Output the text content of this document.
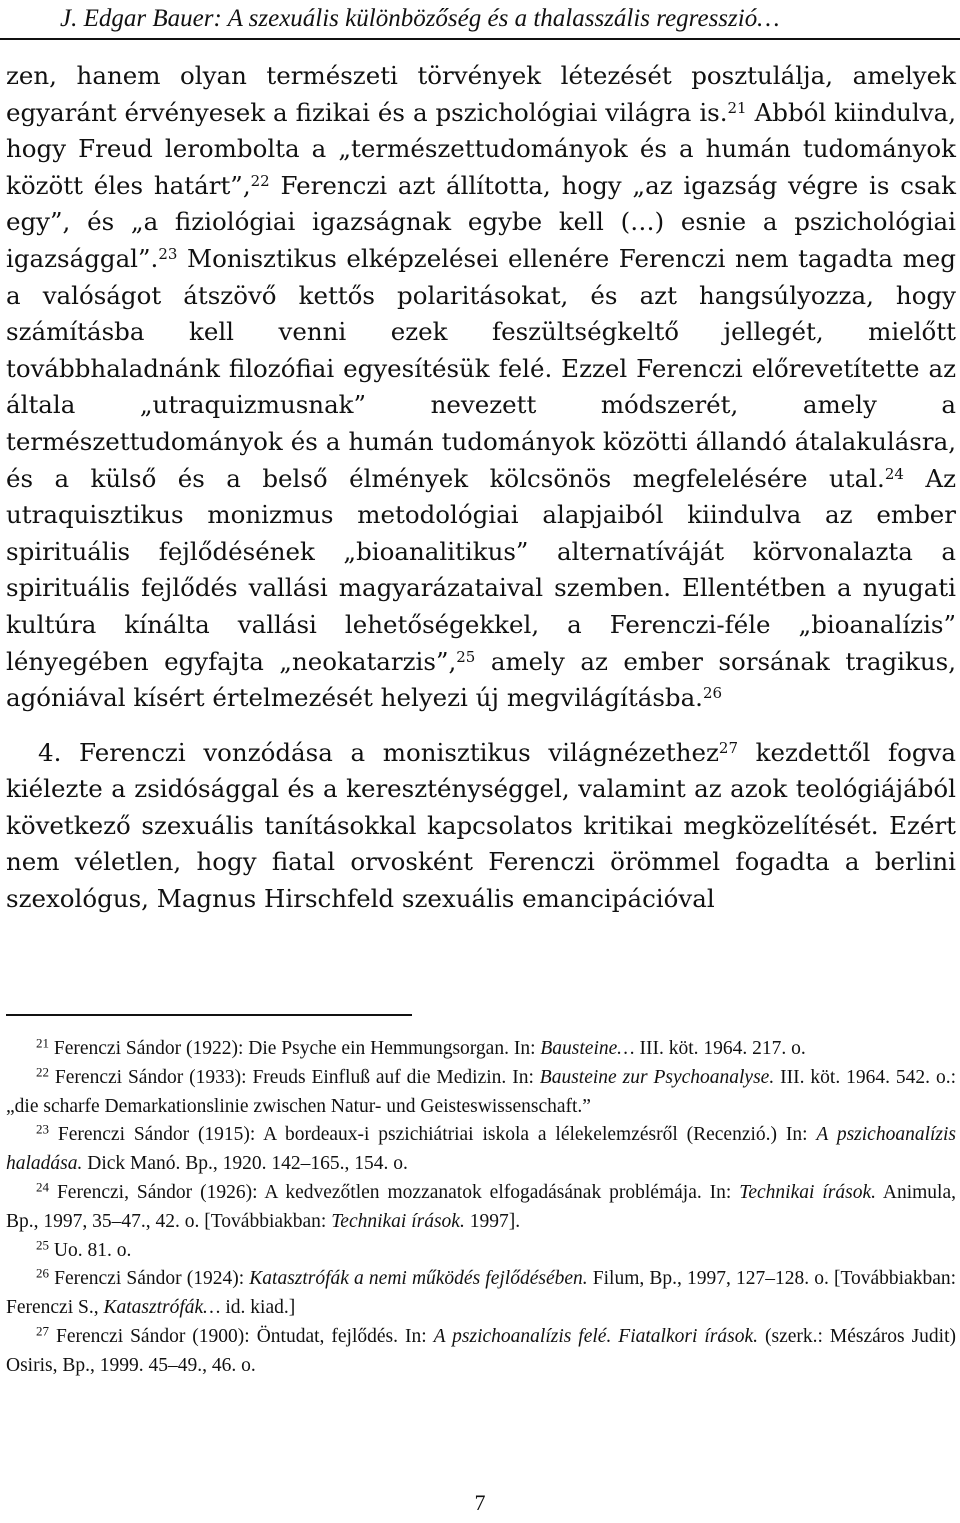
J. Edgar Bauer: A szexuális különbözőség és a thalasszális regresszió…

zen, hanem olyan természeti törvények létezését posztulálja, amelyek egyaránt érvényesek a fizikai és a pszichológiai világra is.$^{21}$ Abból kiindulva, hogy Freud lerombolta a „természettudományok és a humán tudományok között éles határt”,$^{22}$ Ferenczi azt állította, hogy „az igazság végre is csak egy”, és „a fiziológiai igazságnak egybe kell (…) esnie a pszichológiai igazsággal”.$^{23}$ Monisztikus elképzelései ellenére Ferenczi nem tagadta meg a valóságot átszövő kettős polaritásokat, és azt hangsúlyozza, hogy számításba kell venni ezek feszültségkeltő jellegét, mielőtt továbbhaladnánk filozófiai egyesítésük felé. Ezzel Ferenczi előrevetítette az általa „utraquizmusnak” nevezett módszerét, amely a természettudományok és a humán tudományok közötti állandó átalakulásra, és a külső és a belső élmények kölcsönös megfelelésére utal.$^{24}$ Az utraquisztikus monizmus metodológiai alapjaiból kiindulva az ember spirituális fejlődésének „bioanalitikus” alternatíváját körvonalazta a spirituális fejlődés vallási magyarázataival szemben. Ellentétben a nyugati kultúra kínálta vallási lehetőségekkel, a Ferenczi-féle „bioanalízis” lényegében egyfajta „neokatarzis”,$^{25}$ amely az ember sorsának tragikus, agóniával kísért értelmezését helyezi új megvilágításba.$^{26}$

4. Ferenczi vonzódása a monisztikus világnézethez$^{27}$ kezdettől fogva kiélezte a zsidósággal és a kereszténységgel, valamint az azok teológiájából következő szexuális tanításokkal kapcsolatos kritikai megközelítését. Ezért nem véletlen, hogy fiatal orvosként Ferenczi örömmel fogadta a berlini szexológus, Magnus Hirschfeld szexuális emancipációval

$^{21}$ Ferenczi Sándor (1922): Die Psyche ein Hemmungsorgan. In: Bausteine… III. köt. 1964. 217. o.

$^{22}$ Ferenczi Sándor (1933): Freuds Einfluß auf die Medizin. In: Bausteine zur Psychoanalyse. III. köt. 1964. 542. o.: „die scharfe Demarkationslinie zwischen Natur- und Geisteswissenschaft.”

$^{23}$ Ferenczi Sándor (1915): A bordeaux-i pszichiátriai iskola a lélekelemzésről (Recenzió.) In: A pszichoanalízis haladása. Dick Manó. Bp., 1920. 142–165., 154. o.

$^{24}$ Ferenczi, Sándor (1926): A kedvezőtlen mozzanatok elfogadásának problémája. In: Technikai írások. Animula, Bp., 1997, 35–47., 42. o. [Továbbiakban: Technikai írások. 1997].

$^{25}$ Uo. 81. o.

$^{26}$ Ferenczi Sándor (1924): Katasztrófák a nemi működés fejlődésében. Filum, Bp., 1997, 127–128. o. [Továbbiakban: Ferenczi S., Katasztrófák… id. kiad.]

$^{27}$ Ferenczi Sándor (1900): Öntudat, fejlődés. In: A pszichoanalízis felé. Fiatalkori írások. (szerk.: Mészáros Judit) Osiris, Bp., 1999. 45–49., 46. o.

7
